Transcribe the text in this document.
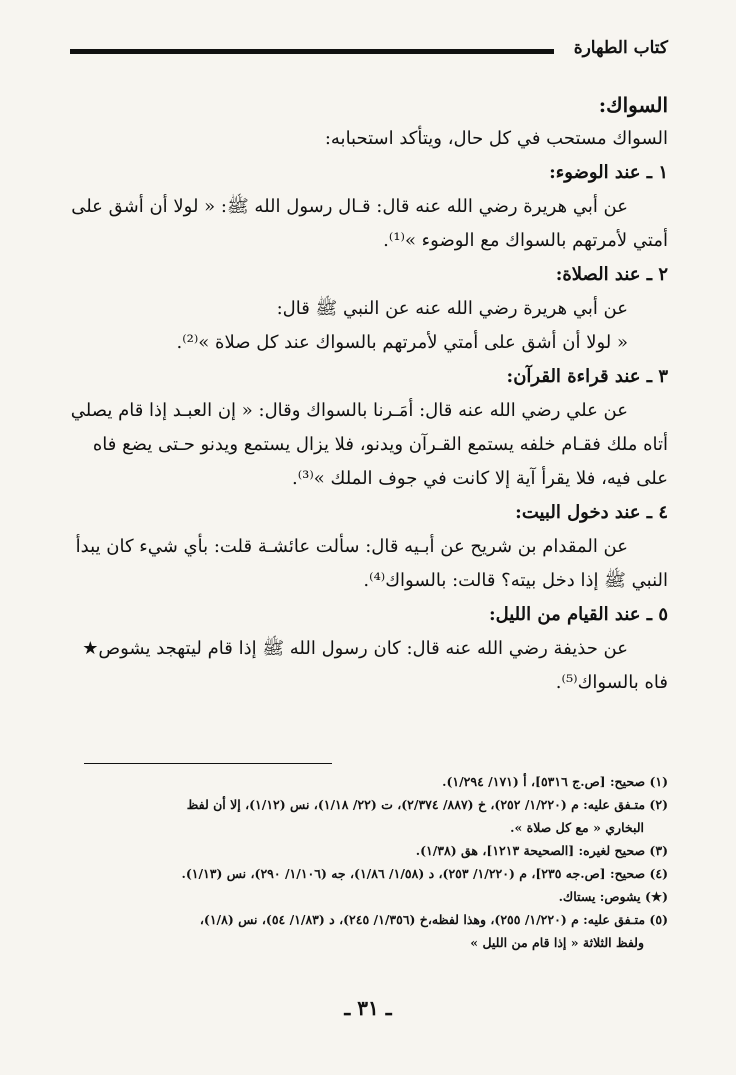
كتاب الطهارة
السواك:
السواك مستحب في كل حال، ويتأكد استحبابه:
١ ـ عند الوضوء:
عن أبي هريرة رضي الله عنه قال: قـال رسول الله ﷺ: « لولا أن أشق على
أمتي لأمرتهم بالسواك مع الوضوء »⁽¹⁾.
٢ ـ عند الصلاة:
عن أبي هريرة رضي الله عنه عن النبي ﷺ قال:
« لولا أن أشق على أمتي لأمرتهم بالسواك عند كل صلاة »⁽²⁾.
٣ ـ عند قراءة القرآن:
عن علي رضي الله عنه قال: أمَـرنا بالسواك وقال: « إن العبـد إذا قام يصلي
أتاه ملك فقـام خلفه يستمع القـرآن ويدنو، فلا يزال يستمع ويدنو حـتى يضع فاه
على فيه، فلا يقرأ آية إلا كانت في جوف الملك »⁽³⁾.
٤ ـ عند دخول البيت:
عن المقدام بن شريح عن أبـيه قال: سألت عائشـة قلت: بأي شيء كان يبدأ
النبي ﷺ إذا دخل بيته؟ قالت: بالسواك⁽⁴⁾.
٥ ـ عند القيام من الليل:
عن حذيفة رضي الله عنه قال: كان رسول الله ﷺ إذا قام ليتهجد يشوص★
فاه بالسواك⁽⁵⁾.
(١) صحيح: [ص.ج ٥٣١٦]، أ (١٧١/ ١/٢٩٤).
(٢) متـفق عليه: م (١/٢٢٠/ ٢٥٢)، خ (٨٨٧/ ٢/٣٧٤)، ت (٢٢/ ١/١٨)، نس (١/١٢)، إلا أن لفظ
البخاري « مع كل صلاة ».
(٣) صحيح لغيره: [الصحيحة ١٢١٣]، هق (١/٣٨).
(٤) صحيح: [ص.جه ٢٣٥]، م (١/٢٢٠/ ٢٥٣)، د (١/٥٨/ ١/٨٦)، جه (١/١٠٦/ ٢٩٠)، نس (١/١٣).
(★) يشوص: يستاك.
(٥) متـفق عليه: م (١/٢٢٠/ ٢٥٥)، وهذا لفظه،خ (١/٣٥٦/ ٢٤٥)، د (١/٨٣/ ٥٤)، نس (١/٨)،
ولفظ الثلاثة « إذا قام من الليل »
ـ ٣١ ـ
